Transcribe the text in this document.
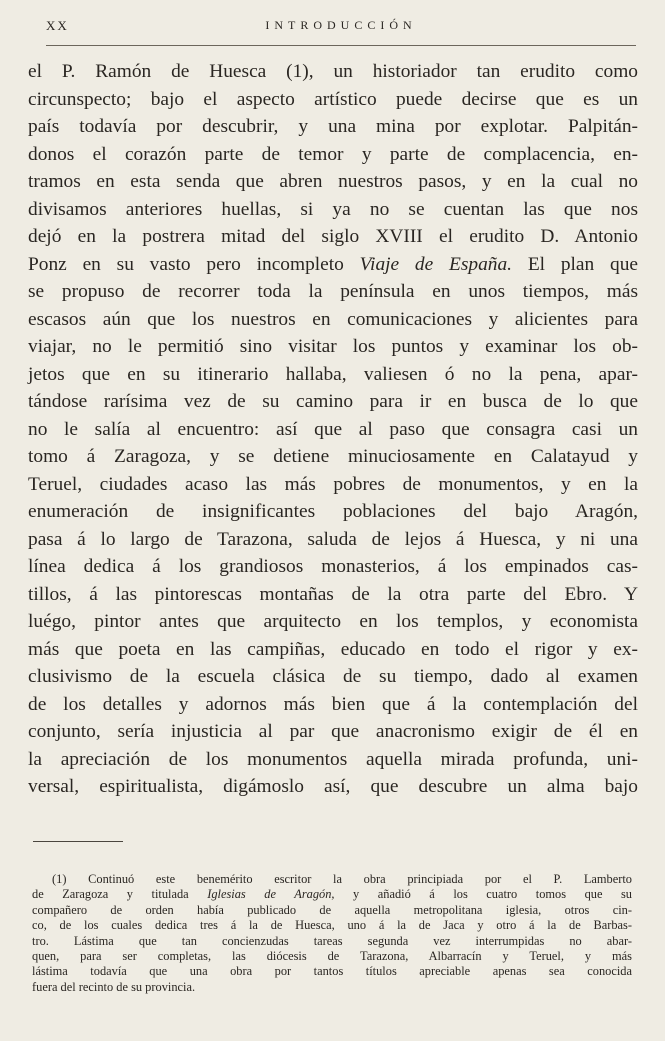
XX	INTRODUCCIÓN
el P. Ramón de Huesca (1), un historiador tan erudito como
circunspecto; bajo el aspecto artístico puede decirse que es un
país todavía por descubrir, y una mina por explotar. Palpitán-
donos el corazón parte de temor y parte de complacencia, en-
tramos en esta senda que abren nuestros pasos, y en la cual no
divisamos anteriores huellas, si ya no se cuentan las que nos
dejó en la postrera mitad del siglo XVIII el erudito D. Antonio
Ponz en su vasto pero incompleto Viaje de España. El plan que
se propuso de recorrer toda la península en unos tiempos, más
escasos aún que los nuestros en comunicaciones y alicientes para
viajar, no le permitió sino visitar los puntos y examinar los ob-
jetos que en su itinerario hallaba, valiesen ó no la pena, apar-
tándose rarísima vez de su camino para ir en busca de lo que
no le salía al encuentro: así que al paso que consagra casi un
tomo á Zaragoza, y se detiene minuciosamente en Calatayud y
Teruel, ciudades acaso las más pobres de monumentos, y en la
enumeración de insignificantes poblaciones del bajo Aragón,
pasa á lo largo de Tarazona, saluda de lejos á Huesca, y ni una
línea dedica á los grandiosos monasterios, á los empinados cas-
tillos, á las pintorescas montañas de la otra parte del Ebro. Y
luégo, pintor antes que arquitecto en los templos, y economista
más que poeta en las campiñas, educado en todo el rigor y ex-
clusivismo de la escuela clásica de su tiempo, dado al examen
de los detalles y adornos más bien que á la contemplación del
conjunto, sería injusticia al par que anacronismo exigir de él en
la apreciación de los monumentos aquella mirada profunda, uni-
versal, espiritualista, digámoslo así, que descubre un alma bajo
(1) Continuó este benemérito escritor la obra principiada por el P. Lamberto
de Zaragoza y titulada Iglesias de Aragón, y añadió á los cuatro tomos que su
compañero de orden había publicado de aquella metropolitana iglesia, otros cin-
co, de los cuales dedica tres á la de Huesca, uno á la de Jaca y otro á la de Barbas-
tro. Lástima que tan concienzudas tareas segunda vez interrumpidas no abar-
quen, para ser completas, las diócesis de Tarazona, Albarracín y Teruel, y más
lástima todavía que una obra por tantos títulos apreciable apenas sea conocida
fuera del recinto de su provincia.
